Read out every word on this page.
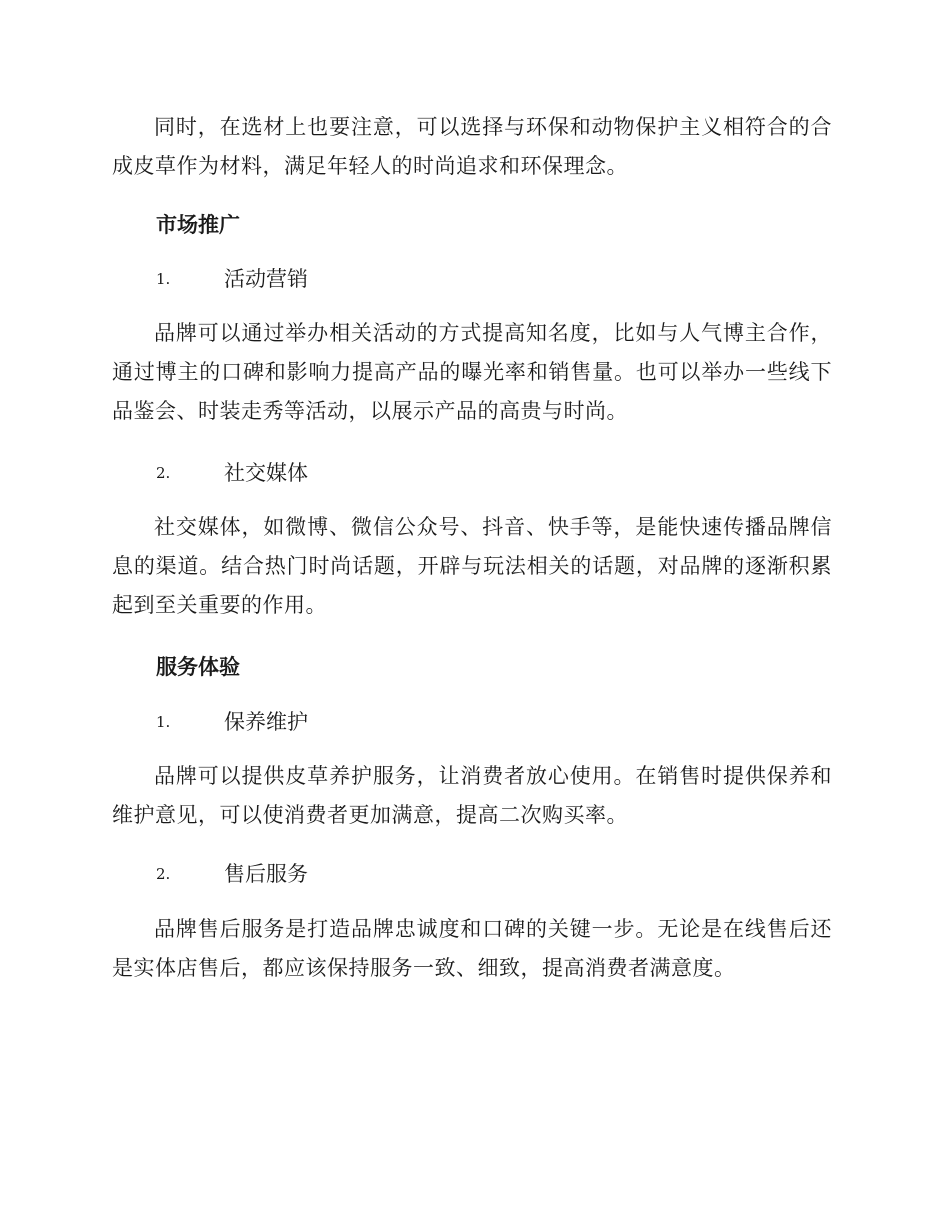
同时，在选材上也要注意，可以选择与环保和动物保护主义相符合的合成皮草作为材料，满足年轻人的时尚追求和环保理念。

市场推广
1.	活动营销

品牌可以通过举办相关活动的方式提高知名度，比如与人气博主合作，通过博主的口碑和影响力提高产品的曝光率和销售量。也可以举办一些线下品鉴会、时装走秀等活动，以展示产品的高贵与时尚。

2.	社交媒体

社交媒体，如微博、微信公众号、抖音、快手等，是能快速传播品牌信息的渠道。结合热门时尚话题，开辟与玩法相关的话题，对品牌的逐渐积累起到至关重要的作用。

服务体验
1.	保养维护

品牌可以提供皮草养护服务，让消费者放心使用。在销售时提供保养和维护意见，可以使消费者更加满意，提高二次购买率。

2.	售后服务

品牌售后服务是打造品牌忠诚度和口碑的关键一步。无论是在线售后还是实体店售后，都应该保持服务一致、细致，提高消费者满意度。
